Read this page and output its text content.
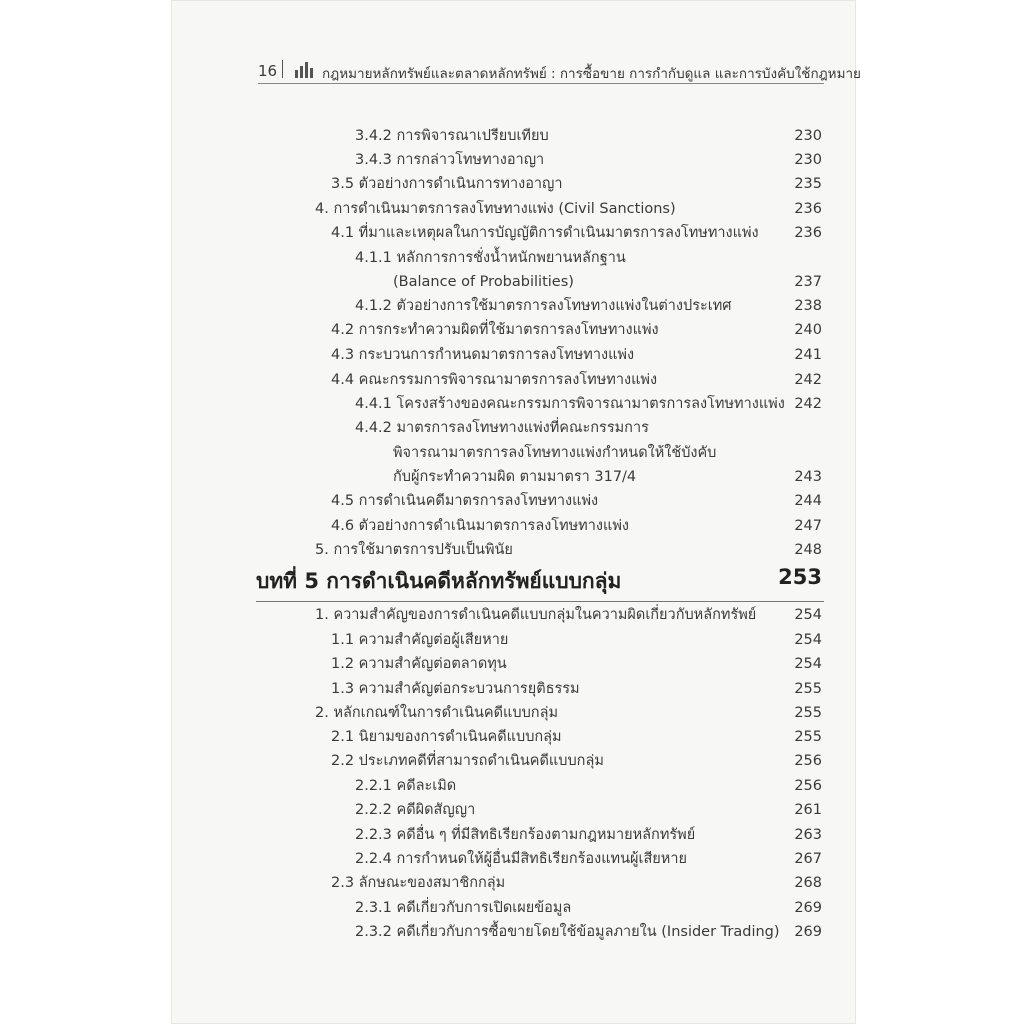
16	กฎหมายหลักทรัพย์และตลาดหลักทรัพย์ : การซื้อขาย การกำกับดูแล และการบังคับใช้กฎหมาย
3.4.2 การพิจารณาเปรียบเทียบ	230
3.4.3 การกล่าวโทษทางอาญา	230
3.5 ตัวอย่างการดำเนินการทางอาญา	235
4. การดำเนินมาตรการลงโทษทางแพ่ง (Civil Sanctions)	236
4.1 ที่มาและเหตุผลในการบัญญัติการดำเนินมาตรการลงโทษทางแพ่ง 236
4.1.1 หลักการการชั่งน้ำหนักพยานหลักฐาน
(Balance of Probabilities)	237
4.1.2 ตัวอย่างการใช้มาตรการลงโทษทางแพ่งในต่างประเทศ	238
4.2 การกระทำความผิดที่ใช้มาตรการลงโทษทางแพ่ง	240
4.3 กระบวนการกำหนดมาตรการลงโทษทางแพ่ง	241
4.4 คณะกรรมการพิจารณามาตรการลงโทษทางแพ่ง	242
4.4.1 โครงสร้างของคณะกรรมการพิจารณามาตรการลงโทษทางแพ่ง 242
4.4.2 มาตรการลงโทษทางแพ่งที่คณะกรรมการ
พิจารณามาตรการลงโทษทางแพ่งกำหนดให้ใช้บังคับ
กับผู้กระทำความผิด ตามมาตรา 317/4	243
4.5 การดำเนินคดีมาตรการลงโทษทางแพ่ง	244
4.6 ตัวอย่างการดำเนินมาตรการลงโทษทางแพ่ง	247
5. การใช้มาตรการปรับเป็นพินัย	248
บทที่ 5 การดำเนินคดีหลักทรัพย์แบบกลุ่ม	253
1. ความสำคัญของการดำเนินคดีแบบกลุ่มในความผิดเกี่ยวกับหลักทรัพย์	254
1.1 ความสำคัญต่อผู้เสียหาย	254
1.2 ความสำคัญต่อตลาดทุน	254
1.3 ความสำคัญต่อกระบวนการยุติธรรม	255
2. หลักเกณฑ์ในการดำเนินคดีแบบกลุ่ม	255
2.1 นิยามของการดำเนินคดีแบบกลุ่ม	255
2.2 ประเภทคดีที่สามารถดำเนินคดีแบบกลุ่ม	256
2.2.1 คดีละเมิด	256
2.2.2 คดีผิดสัญญา	261
2.2.3 คดีอื่น ๆ ที่มีสิทธิเรียกร้องตามกฎหมายหลักทรัพย์	263
2.2.4 การกำหนดให้ผู้อื่นมีสิทธิเรียกร้องแทนผู้เสียหาย	267
2.3 ลักษณะของสมาชิกกลุ่ม	268
2.3.1 คดีเกี่ยวกับการเปิดเผยข้อมูล	269
2.3.2 คดีเกี่ยวกับการซื้อขายโดยใช้ข้อมูลภายใน (Insider Trading) 269
